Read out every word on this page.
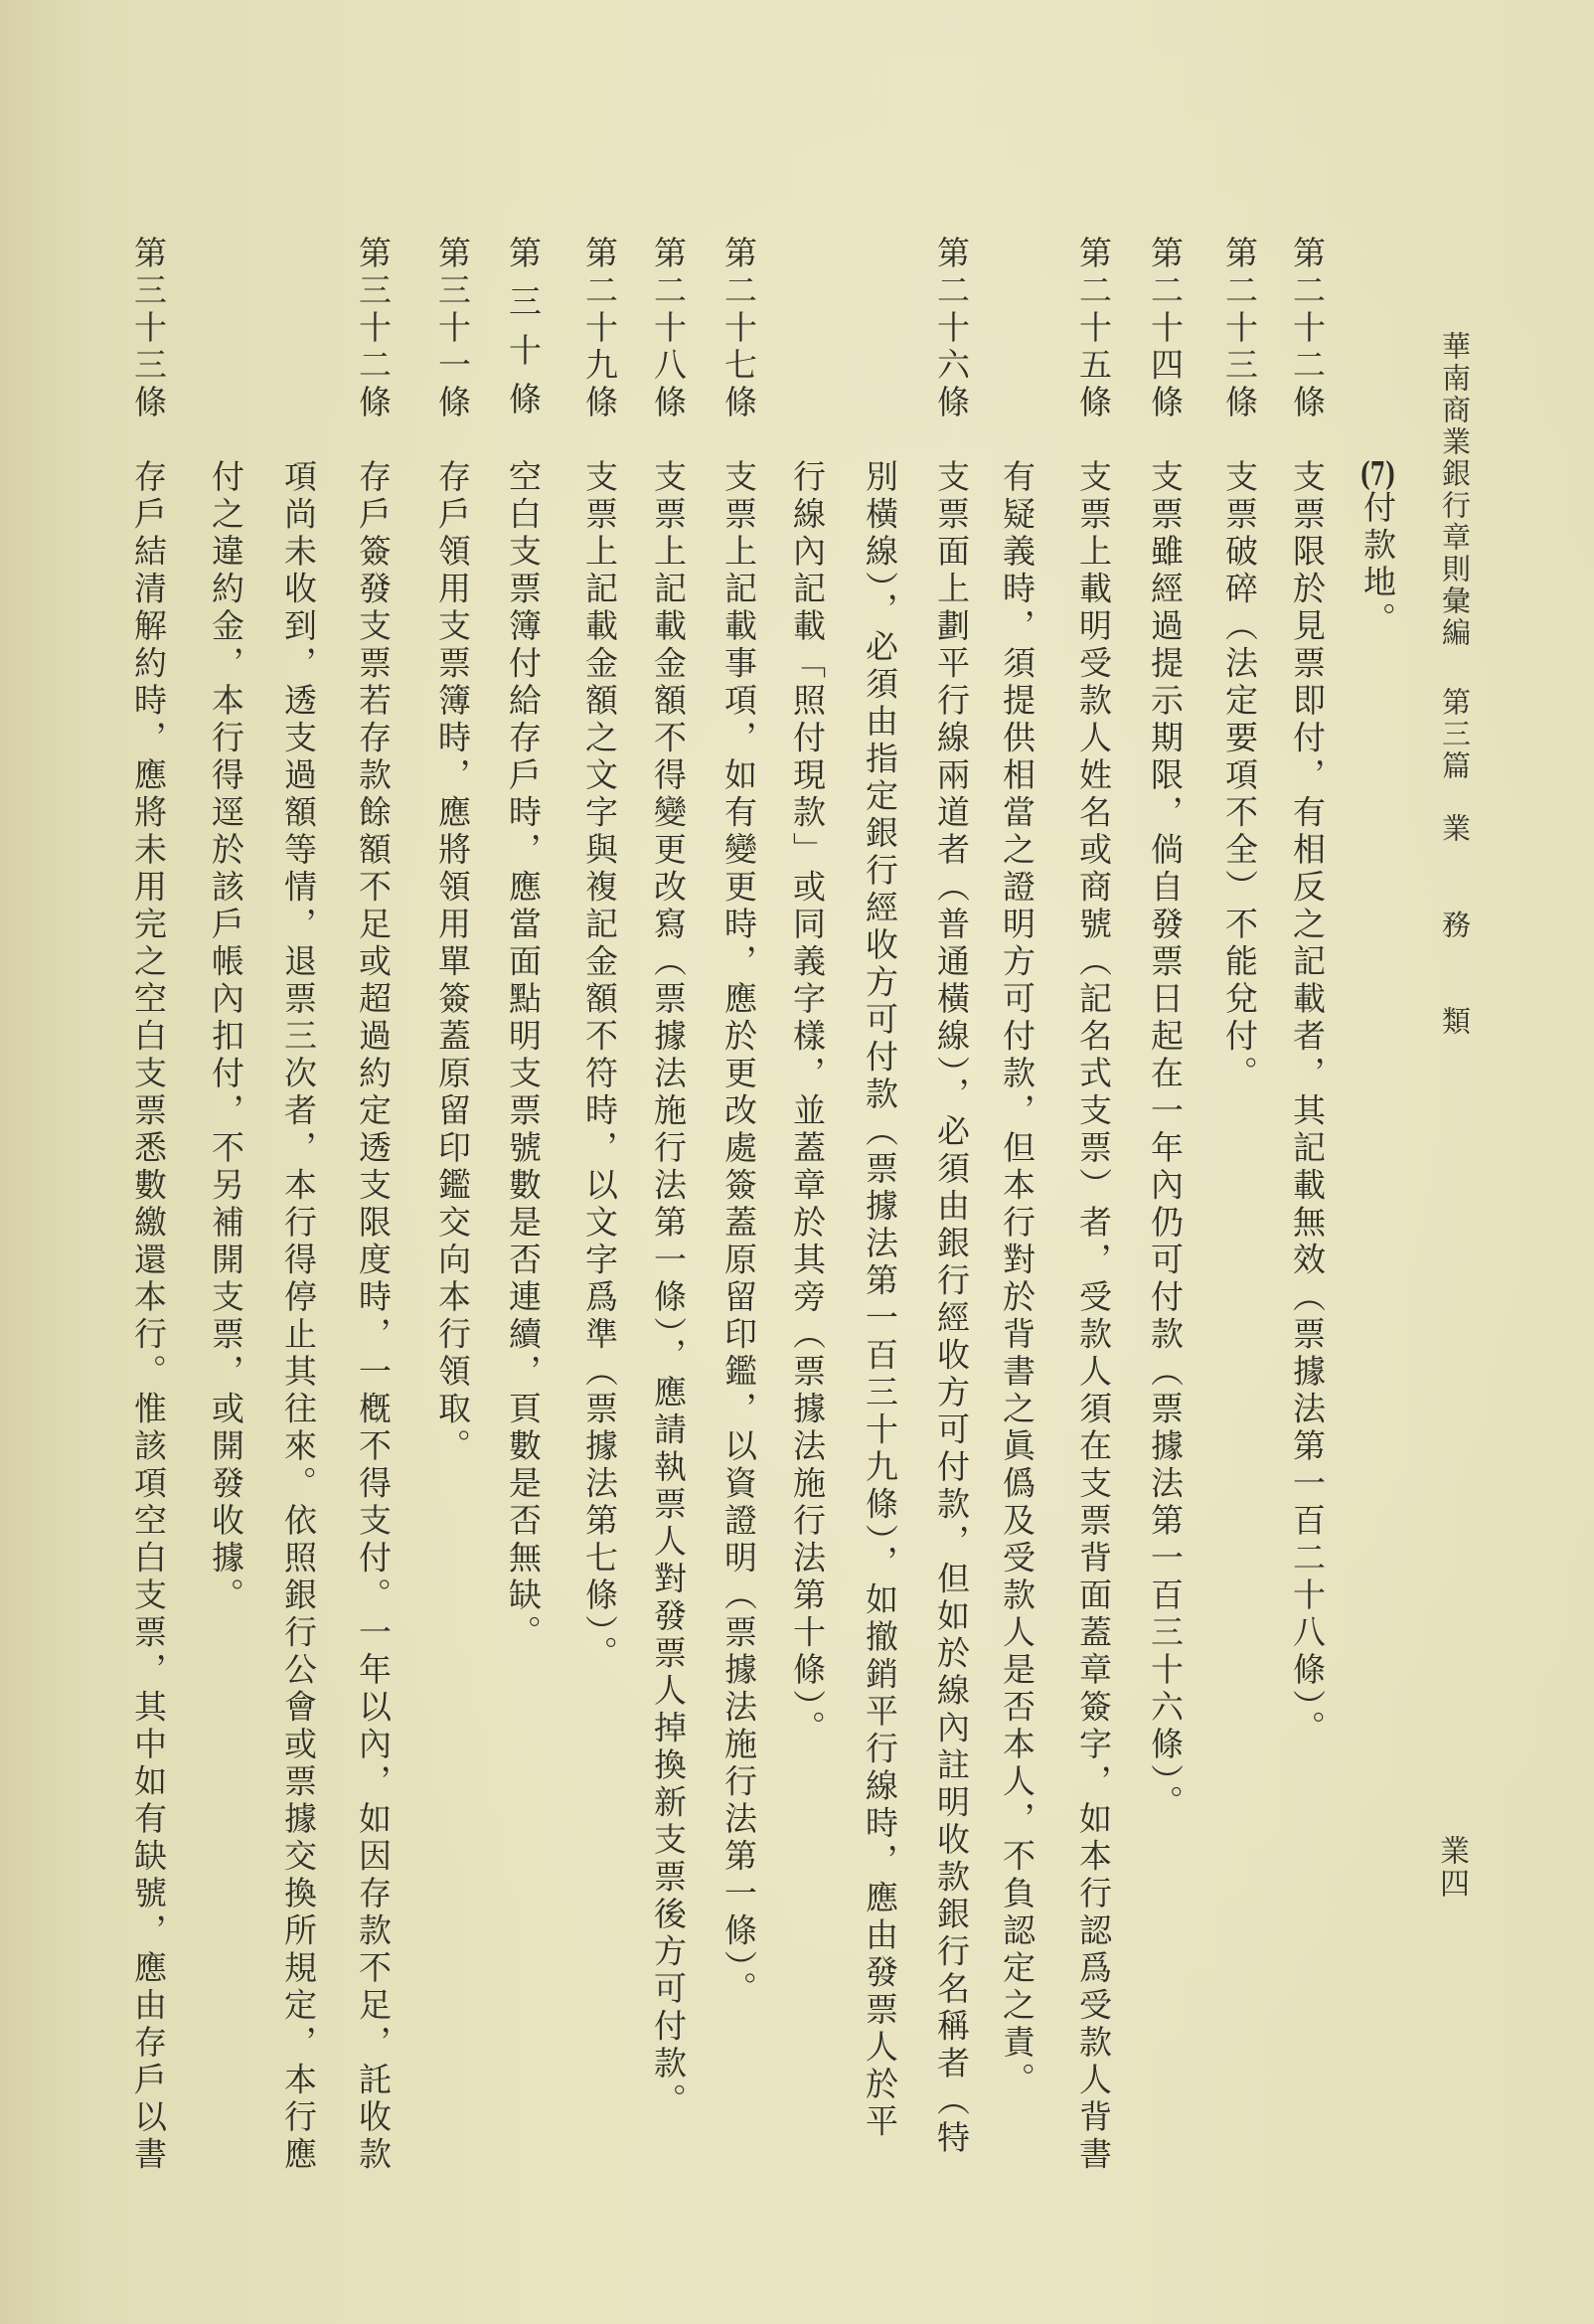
華南商業銀行章則彙編
第三篇
業務類
業四
(7)付款地。
第二十二條
支票限於見票即付，有相反之記載者，其記載無效（票據法第一百二十八條）。
第二十三條
支票破碎（法定要項不全）不能兌付。
第二十四條
支票雖經過提示期限，倘自發票日起在一年內仍可付款（票據法第一百三十六條）。
第二十五條
支票上載明受款人姓名或商號（記名式支票）者，受款人須在支票背面蓋章簽字，如本行認爲受款人背書
有疑義時，須提供相當之證明方可付款，但本行對於背書之眞僞及受款人是否本人，不負認定之責。
第二十六條
支票面上劃平行線兩道者（普通橫線），必須由銀行經收方可付款，但如於線內註明收款銀行名稱者（特
別橫線），必須由指定銀行經收方可付款（票據法第一百三十九條），如撤銷平行線時，應由發票人於平
行線內記載「照付現款」或同義字樣，並蓋章於其旁（票據法施行法第十條）。
第二十七條
支票上記載事項，如有變更時，應於更改處簽蓋原留印鑑，以資證明（票據法施行法第一條）。
第二十八條
支票上記載金額不得變更改寫（票據法施行法第一條），應請執票人對發票人掉換新支票後方可付款。
第二十九條
支票上記載金額之文字與複記金額不符時，以文字爲準（票據法第七條）。
第三十條
空白支票簿付給存戶時，應當面點明支票號數是否連續，頁數是否無缺。
第三十一條
存戶領用支票簿時，應將領用單簽蓋原留印鑑交向本行領取。
第三十二條
存戶簽發支票若存款餘額不足或超過約定透支限度時，一槪不得支付。一年以內，如因存款不足，託收款
項尚未收到，透支過額等情，退票三次者，本行得停止其往來。依照銀行公會或票據交換所規定，本行應
付之違約金，本行得逕於該戶帳內扣付，不另補開支票，或開發收據。
第三十三條
存戶結清解約時，應將未用完之空白支票悉數繳還本行。惟該項空白支票，其中如有缺號，應由存戶以書
